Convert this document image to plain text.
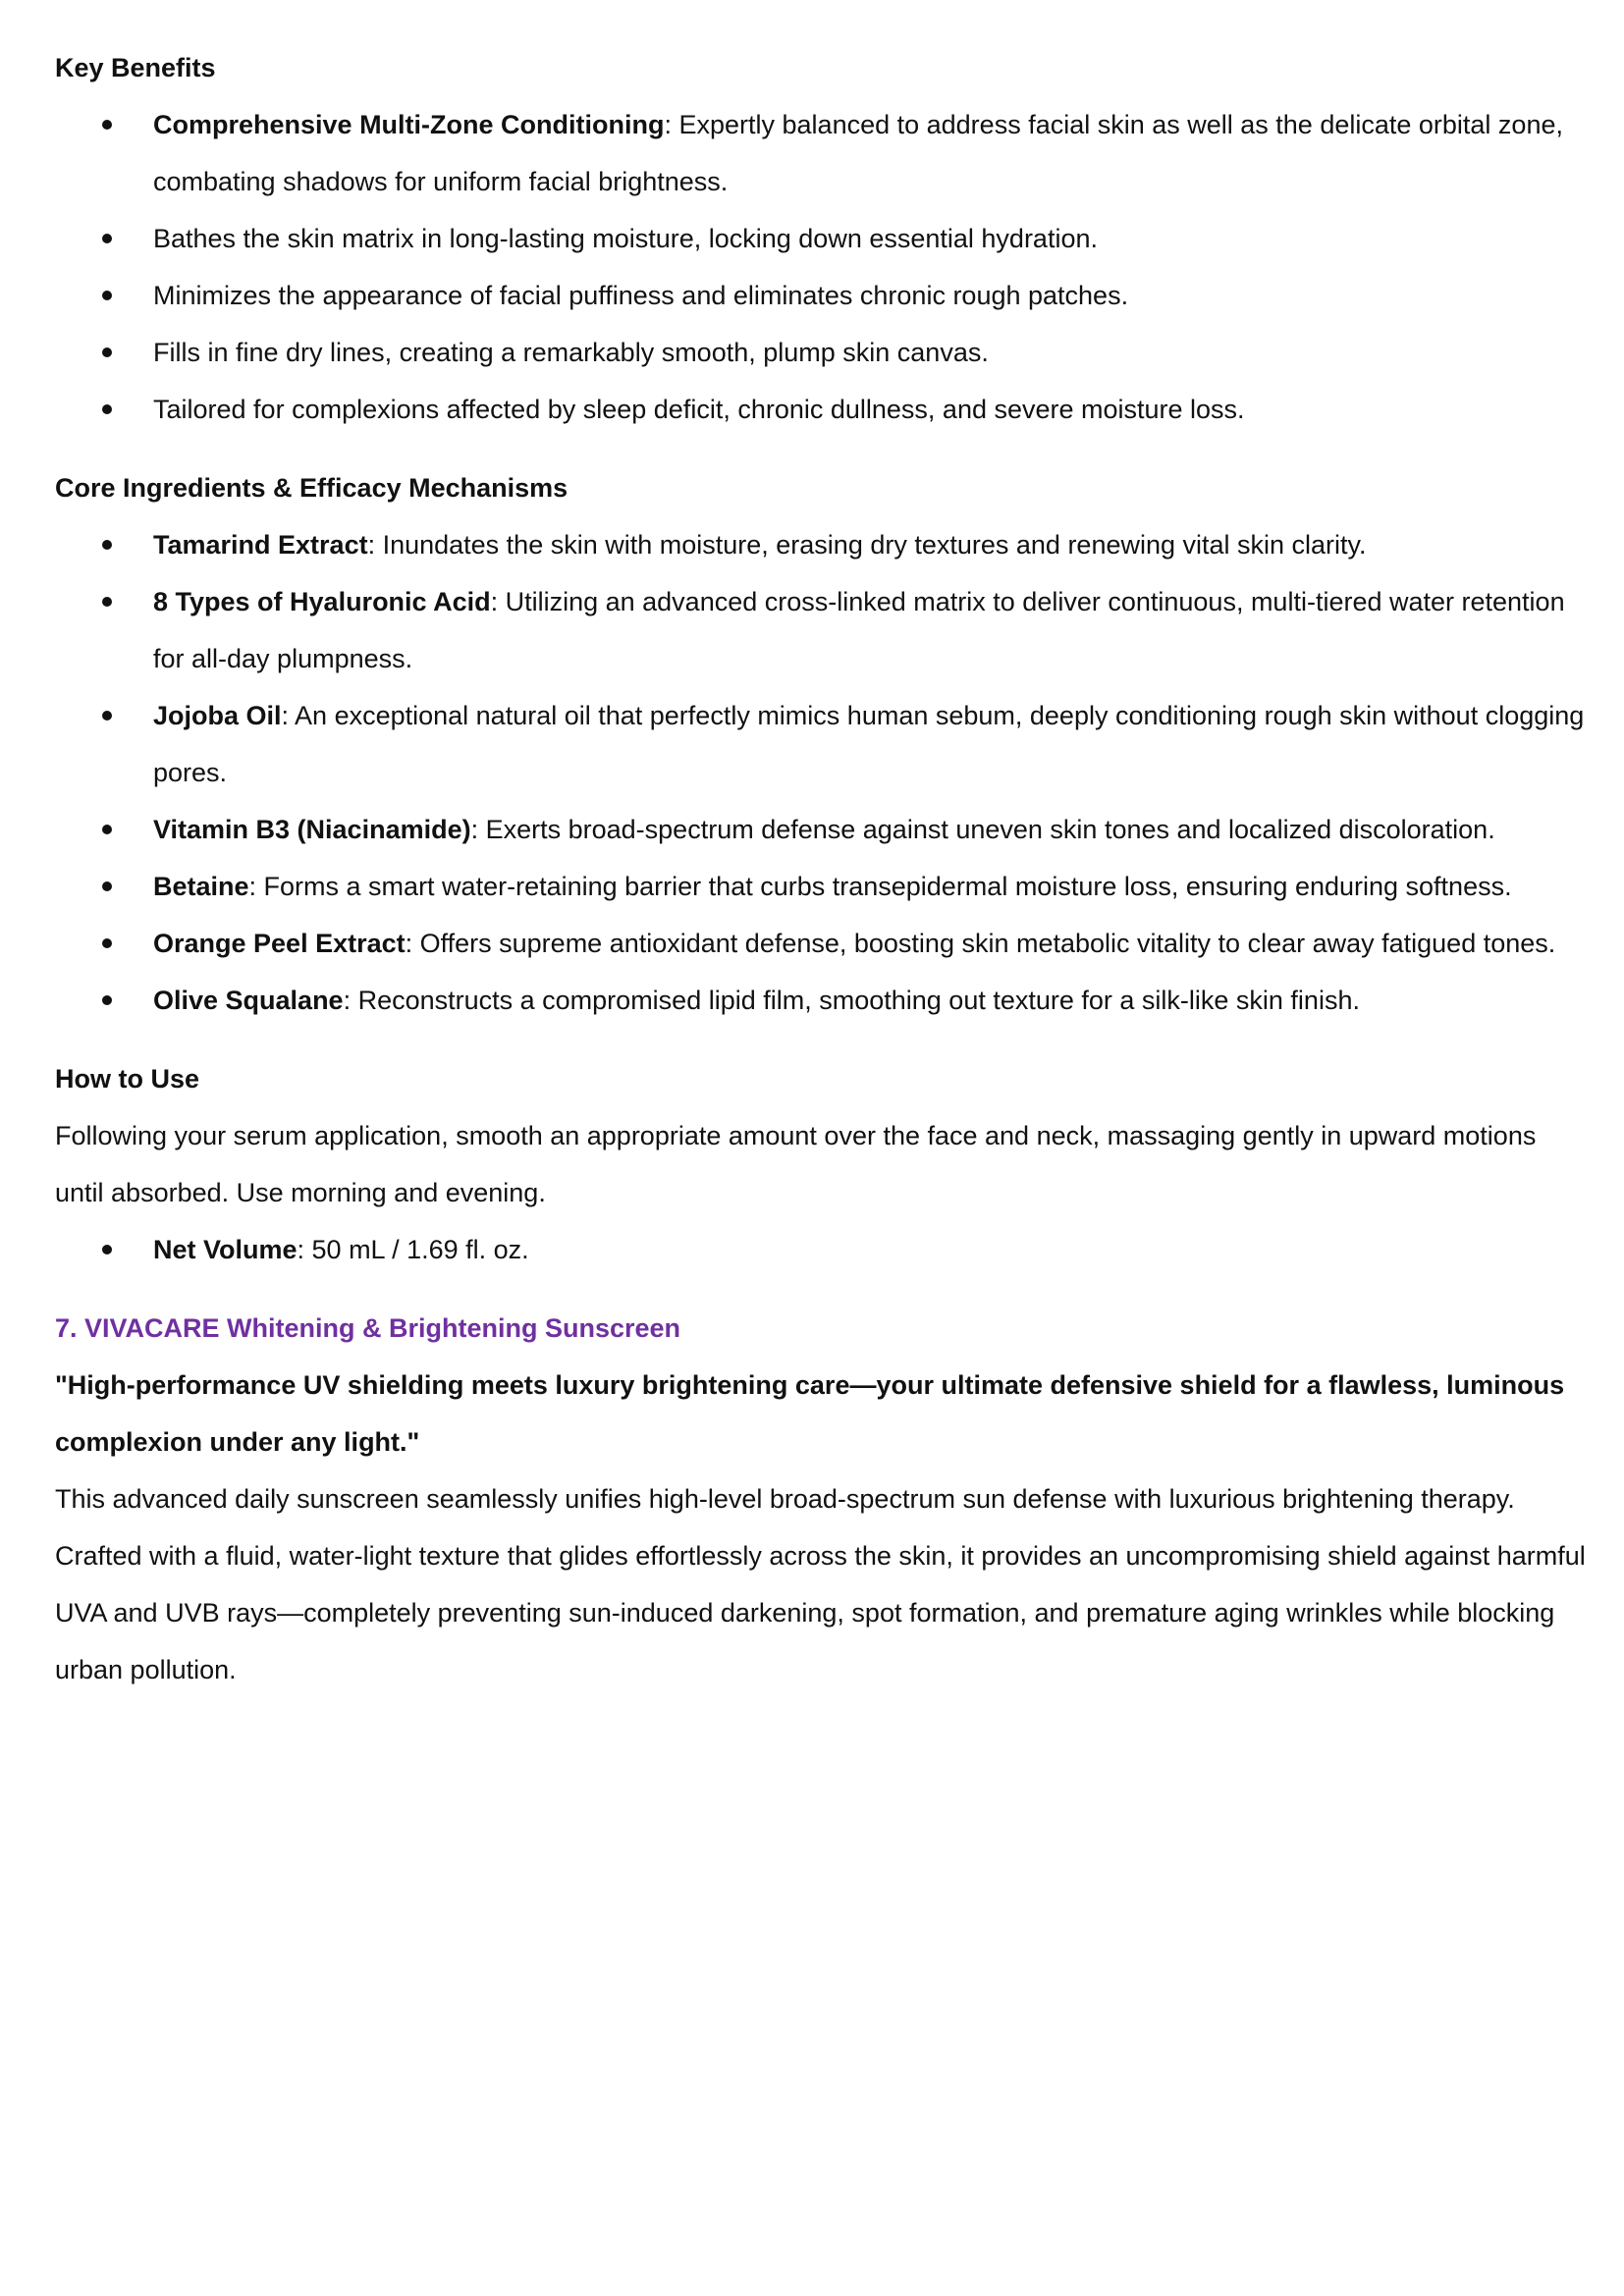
Key Benefits
Comprehensive Multi-Zone Conditioning: Expertly balanced to address facial skin as well as the delicate orbital zone, combating shadows for uniform facial brightness.
Bathes the skin matrix in long-lasting moisture, locking down essential hydration.
Minimizes the appearance of facial puffiness and eliminates chronic rough patches.
Fills in fine dry lines, creating a remarkably smooth, plump skin canvas.
Tailored for complexions affected by sleep deficit, chronic dullness, and severe moisture loss.
Core Ingredients & Efficacy Mechanisms
Tamarind Extract: Inundates the skin with moisture, erasing dry textures and renewing vital skin clarity.
8 Types of Hyaluronic Acid: Utilizing an advanced cross-linked matrix to deliver continuous, multi-tiered water retention for all-day plumpness.
Jojoba Oil: An exceptional natural oil that perfectly mimics human sebum, deeply conditioning rough skin without clogging pores.
Vitamin B3 (Niacinamide): Exerts broad-spectrum defense against uneven skin tones and localized discoloration.
Betaine: Forms a smart water-retaining barrier that curbs transepidermal moisture loss, ensuring enduring softness.
Orange Peel Extract: Offers supreme antioxidant defense, boosting skin metabolic vitality to clear away fatigued tones.
Olive Squalane: Reconstructs a compromised lipid film, smoothing out texture for a silk-like skin finish.
How to Use

Following your serum application, smooth an appropriate amount over the face and neck, massaging gently in upward motions until absorbed. Use morning and evening.

Net Volume: 50 mL / 1.69 fl. oz.
7. VIVACARE Whitening & Brightening Sunscreen

"High-performance UV shielding meets luxury brightening care—your ultimate defensive shield for a flawless, luminous complexion under any light."

This advanced daily sunscreen seamlessly unifies high-level broad-spectrum sun defense with luxurious brightening therapy. Crafted with a fluid, water-light texture that glides effortlessly across the skin, it provides an uncompromising shield against harmful UVA and UVB rays—completely preventing sun-induced darkening, spot formation, and premature aging wrinkles while blocking urban pollution.
